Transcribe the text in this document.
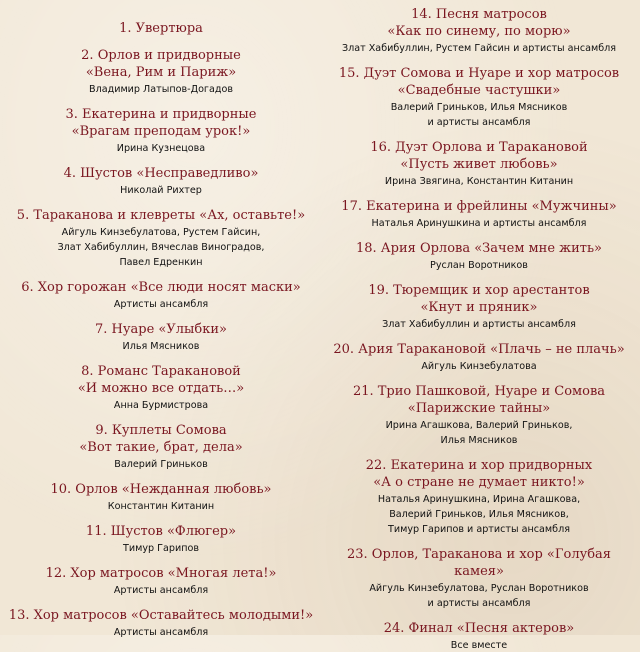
1. Увертюра
2. Орлов и придворные
«Вена, Рим и Париж»
Владимир Латыпов-Догадов
3. Екатерина и придворные
«Врагам преподам урок!»
Ирина Кузнецова
4. Шустов «Несправедливо»
Николай Рихтер
5. Тараканова и клевреты «Ах, оставьте!»
Айгуль Кинзебулатова, Рустем Гайсин,
Злат Хабибуллин, Вячеслав Виноградов,
Павел Едренкин
6. Хор горожан «Все люди носят маски»
Артисты ансамбля
7. Нуаре «Улыбки»
Илья Мясников
8. Романс Таракановой
«И можно все отдать…»
Анна Бурмистрова
9. Куплеты Сомова
«Вот такие, брат, дела»
Валерий Гриньков
10. Орлов «Нежданная любовь»
Константин Китанин
11. Шустов «Флюгер»
Тимур Гарипов
12. Хор матросов «Многая лета!»
Артисты ансамбля
13. Хор матросов «Оставайтесь молодыми!»
Артисты ансамбля
14. Песня матросов
«Как по синему, по морю»
Злат Хабибуллин, Рустем Гайсин и артисты ансамбля
15. Дуэт Сомова и Нуаре и хор матросов
«Свадебные частушки»
Валерий Гриньков, Илья Мясников
и артисты ансамбля
16. Дуэт Орлова и Таракановой
«Пусть живет любовь»
Ирина Звягина, Константин Китанин
17. Екатерина и фрейлины «Мужчины»
Наталья Аринушкина и артисты ансамбля
18. Ария Орлова «Зачем мне жить»
Руслан Воротников
19. Тюремщик и хор арестантов
«Кнут и пряник»
Злат Хабибуллин и артисты ансамбля
20. Ария Таракановой «Плачь – не плачь»
Айгуль Кинзебулатова
21. Трио Пашковой, Нуаре и Сомова
«Парижские тайны»
Ирина Агашкова, Валерий Гриньков,
Илья Мясников
22. Екатерина и хор придворных
«А о стране не думает никто!»
Наталья Аринушкина, Ирина Агашкова,
Валерий Гриньков, Илья Мясников,
Тимур Гарипов и артисты ансамбля
23. Орлов, Тараканова и хор «Голубая камея»
Айгуль Кинзебулатова, Руслан Воротников
и артисты ансамбля
24. Финал «Песня актеров»
Все вместе
